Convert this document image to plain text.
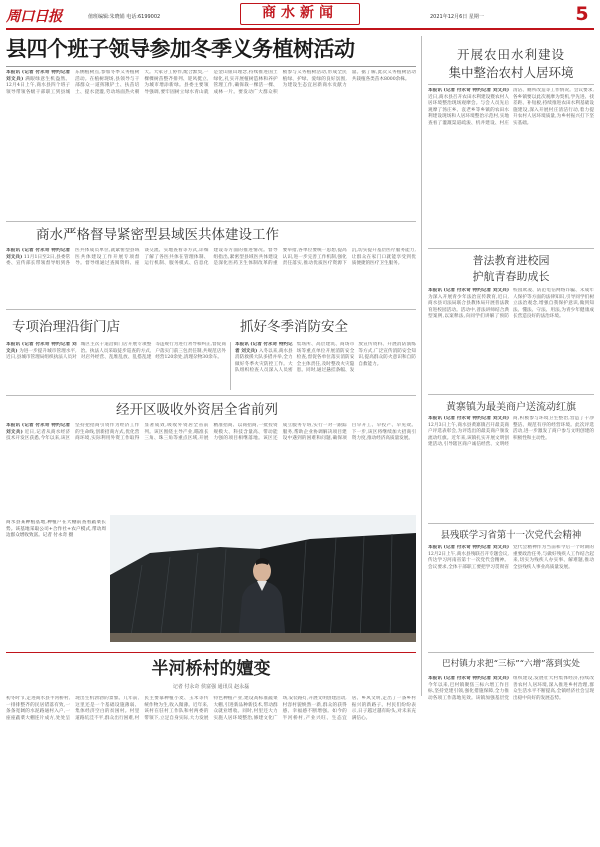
周口日报	值班编辑:朱晓娟 电话:6199002	2021年12月6日 星期一
商水新闻	5
县四个班子领导参加冬季义务植树活动
本报讯 (记者 付永奇 特约记者 刘文兵) 满眼绿意生机盎然。12月4日上午,商水县四个班子领导带领各级干部职工到县城东侧植树点,参加冬季义务植树活动。在植树现场,县领导与干部群众一道挥锹铲土、扶苗培土、提水浇灌,劳动场面热火朝天。大家分工协作,配合默契,一棵棵树苗整齐排列、迎风挺立,为城市增添新绿。县委主要领导强调,要牢固树立绿水青山就是金山银山理念,持续推进国土绿化,扎实开展植树造林和养护管理工作,确保栽一棵活一棵、成林一片。要发动广大群众积极参与义务植树活动,形成全民植绿、护绿、爱绿的良好氛围,为建设生态宜居新商水贡献力量。据了解,此次义务植树活动共栽植各类苗木8000余株。
开展农田水利建设
集中整治农村人居环境
本报讯 (记者 付永奇 特约记者 刘文兵) 近日,商水县召开农田水利建设暨农村人居环境整治现场观摩会。与会人员先后观摩了汤庄乡、袁老乡等乡镇的农田水利建设现场和人居环境整治示范村,实地查看了灌溉渠道疏浚、机井建设、村庄清洁、厕所改造等工作情况。会议要求,各乡镇要以此次观摩为契机,学先进、找差距、补短板,持续推进农田水利基础设施建设,深入开展村庄清洁行动,着力提升农村人居环境质量,为乡村振兴打下坚实基础。
商水严格督导紧密型县域医共体建设工作
本报讯 (记者 付永奇 特约记者 刘文兵) 11月1日至2日,县委常委、宣传部长带领督导组到各医共体成员单位,就紧密型县域医共体建设工作开展专项督导。督导组通过查阅资料、座谈交流、实地查看等方式,详细了解了各医共体在管理体制、运行机制、服务模式、信息化建设等方面的推进情况。督导组指出,紧密型县域医共体建设是深化医药卫生体制改革的重要举措,各单位要统一思想,提高认识,进一步完善工作机制,强化责任落实,推动优质医疗资源下沉,切实提升基层医疗服务能力,让群众在家门口就能享受到优质便捷的医疗卫生服务。
专项治理沿街门店	抓好冬季消防安全
本报讯 (记者 付永奇 特约记者 刘文兵) 为进一步提升城市管理水平,近日,县城市管理局组织执法人员对城区主次干道沿街门店开展专项整治。执法人员采取徒步巡查的方式,对店外经营、乱堆乱放、乱搭乱建等违规行为进行劝导和纠正,督促商户落实门前三包责任制,共规范店外经营120余处,清理杂物30余车。
本报讯 (记者 付永奇 特约记者 刘文兵) 入冬以来,商水县消防救援大队多措并举,全力做好冬季火灾防控工作。大队组织检查人员深入人员密集场所、高层建筑、商场市场等重点单位开展消防安全检查,督促各单位落实消防安全主体责任,及时整改火灾隐患。同时,通过悬挂条幅、发放宣传资料、开展消防演练等方式,广泛宣传消防安全知识,提高群众防火意识和自防自救能力。
经开区吸收外资居全省前列
本报讯 (记者 付永奇 特约记者 刘文兵) 近日,记者从商水经济技术开发区获悉,今年以来,该区坚持把招商引资作为经济工作的生命线,创新招商方式,优化营商环境,实际利用外资工作取得显著成效,吸收外资居全省前列。该区围绕主导产业,瞄准长三角、珠三角等重点区域,开展精准招商、以商招商,一批投资规模大、科技含量高、带动能力强的项目相继落地。该区还成立服务专班,实行一对一跟踪服务,帮助企业协调解决项目建设中遇到的困难和问题,确保项目早开工、早投产、早见效。下一步,该区将继续加大招商引资力度,推动经济高质量发展。
商水县某种植基地,种植户在大棚前查看蔬菜长势。该基地采取公司+合作社+农户模式,带动周边群众增收致富。记者 付永奇 摄
半河桥村的嬗变
记者 付永奇 侯富强 通讯员 赵永磊
初冬时节,走进商水县半河桥村,一排排整齐的民居错落有致,一条条宽阔的水泥路通村入户,一座座蔬菜大棚连片成方,处处呈现出生机勃勃的景象。几年前,这里还是一个基础设施薄弱、集体经济空白的贫困村。村里道路坑洼不平,群众出行困难,村民主要靠种植小麦、玉米等传统作物为生,收入微薄。近年来,该村在驻村工作队和村两委的带领下,立足自身实际,大力发展特色种植产业,建设高标准蔬菜大棚,引进新品种新技术,带动群众就业增收。同时,村里还大力实施人居环境整治,修建文化广场,安装路灯,开展文明创建活动,村容村貌焕然一新,群众的获得感、幸福感不断增强。如今的半河桥村,产业兴旺、生态宜居、乡风文明,走出了一条乡村振兴的新路子。村民们纷纷表示,日子越过越有盼头,对未来充满信心。
普法教育进校园
护航青春助成长
本报讯 (记者 付永奇 特约记者 刘文兵) 为深入开展青少年法治宣传教育,近日,商水县司法局联合县教体局开展普法教育进校园活动。活动中,普法讲师结合典型案例,以案释法,向同学们讲解了预防校园欺凌、防范电信网络诈骗、未成年人保护等方面的法律知识,引导同学们树立法治观念,增强自我保护意识,做到知法、懂法、守法、用法,为青少年健康成长营造良好的法治环境。
黄寨镇为最美商户送流动红旗
本报讯 (记者 付永奇 特约记者 刘文兵) 12月3日上午,商水县黄寨镇召开最美商户评选表彰会,为评选出的最美商户颁发流动红旗。近年来,该镇扎实开展文明创建活动,引导辖区商户诚信经营、文明经商,积极参与环境卫生整治,营造了干净整洁、规范有序的经营环境。此次评选活动,进一步激发了商户参与文明创建的积极性和主动性。
县残联学习省第十一次党代会精神
本报讯 (记者 付永奇 特约记者 刘文兵) 12月2日上午,商水县残联召开专题会议,传达学习河南省第十一次党代会精神。会议要求,全体干部职工要把学习贯彻省党代会精神作为当前和今后一个时期的重要政治任务,与做好残疾人工作结合起来,切实为残疾人办实事、解难题,推动全县残疾人事业高质量发展。
巴村镇力求把“三标”“六增”落到实处
本报讯 (记者 付永奇 特约记者 刘文兵) 今年以来,巴村镇聚焦三标六增工作目标,坚持党建引领,强化措施保障,全力推动各项工作落地见效。该镇加强基层党组织建设,发展壮大村集体经济,持续改善农村人居环境,深入推进乡村治理,群众生活水平不断提高,全镇经济社会呈现出稳中向好的发展态势。
